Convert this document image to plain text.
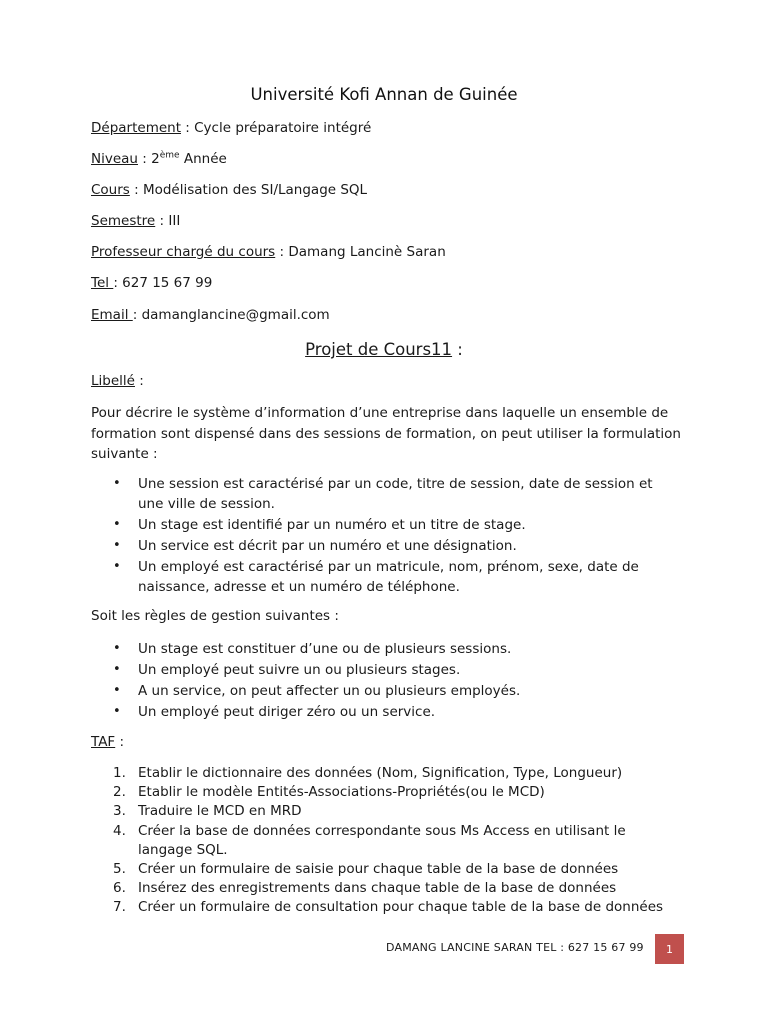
Université Kofi Annan de Guinée
Département : Cycle préparatoire intégré
Niveau : 2ème Année
Cours : Modélisation des SI/Langage SQL
Semestre : III
Professeur chargé du cours : Damang Lancinè Saran
Tel : 627 15 67 99
Email : damanglancine@gmail.com
Projet de Cours11 :
Libellé :
Pour décrire le système d’information d’une entreprise dans laquelle un ensemble de formation sont dispensé dans des sessions de formation, on peut utiliser la formulation suivante :
• Une session est caractérisé par un code, titre de session, date de session et une ville de session.
• Un stage est identifié par un numéro et un titre de stage.
• Un service est décrit par un numéro et une désignation.
• Un employé est caractérisé par un matricule, nom, prénom, sexe, date de naissance, adresse et un numéro de téléphone.
Soit les règles de gestion suivantes :
• Un stage est constituer d’une ou de plusieurs sessions.
• Un employé peut suivre un ou plusieurs stages.
• A un service, on peut affecter un ou plusieurs employés.
• Un employé peut diriger zéro ou un service.
TAF :
1. Etablir le dictionnaire des données (Nom, Signification, Type, Longueur)
2. Etablir le modèle Entités-Associations-Propriétés(ou le MCD)
3. Traduire le MCD en MRD
4. Créer la base de données correspondante sous Ms Access en utilisant le langage SQL.
5. Créer un formulaire de saisie pour chaque table de la base de données
6. Insérez des enregistrements dans chaque table de la base de données
7. Créer un formulaire de consultation pour chaque table de la base de données
DAMANG LANCINE SARAN TEL : 627 15 67 99	1
